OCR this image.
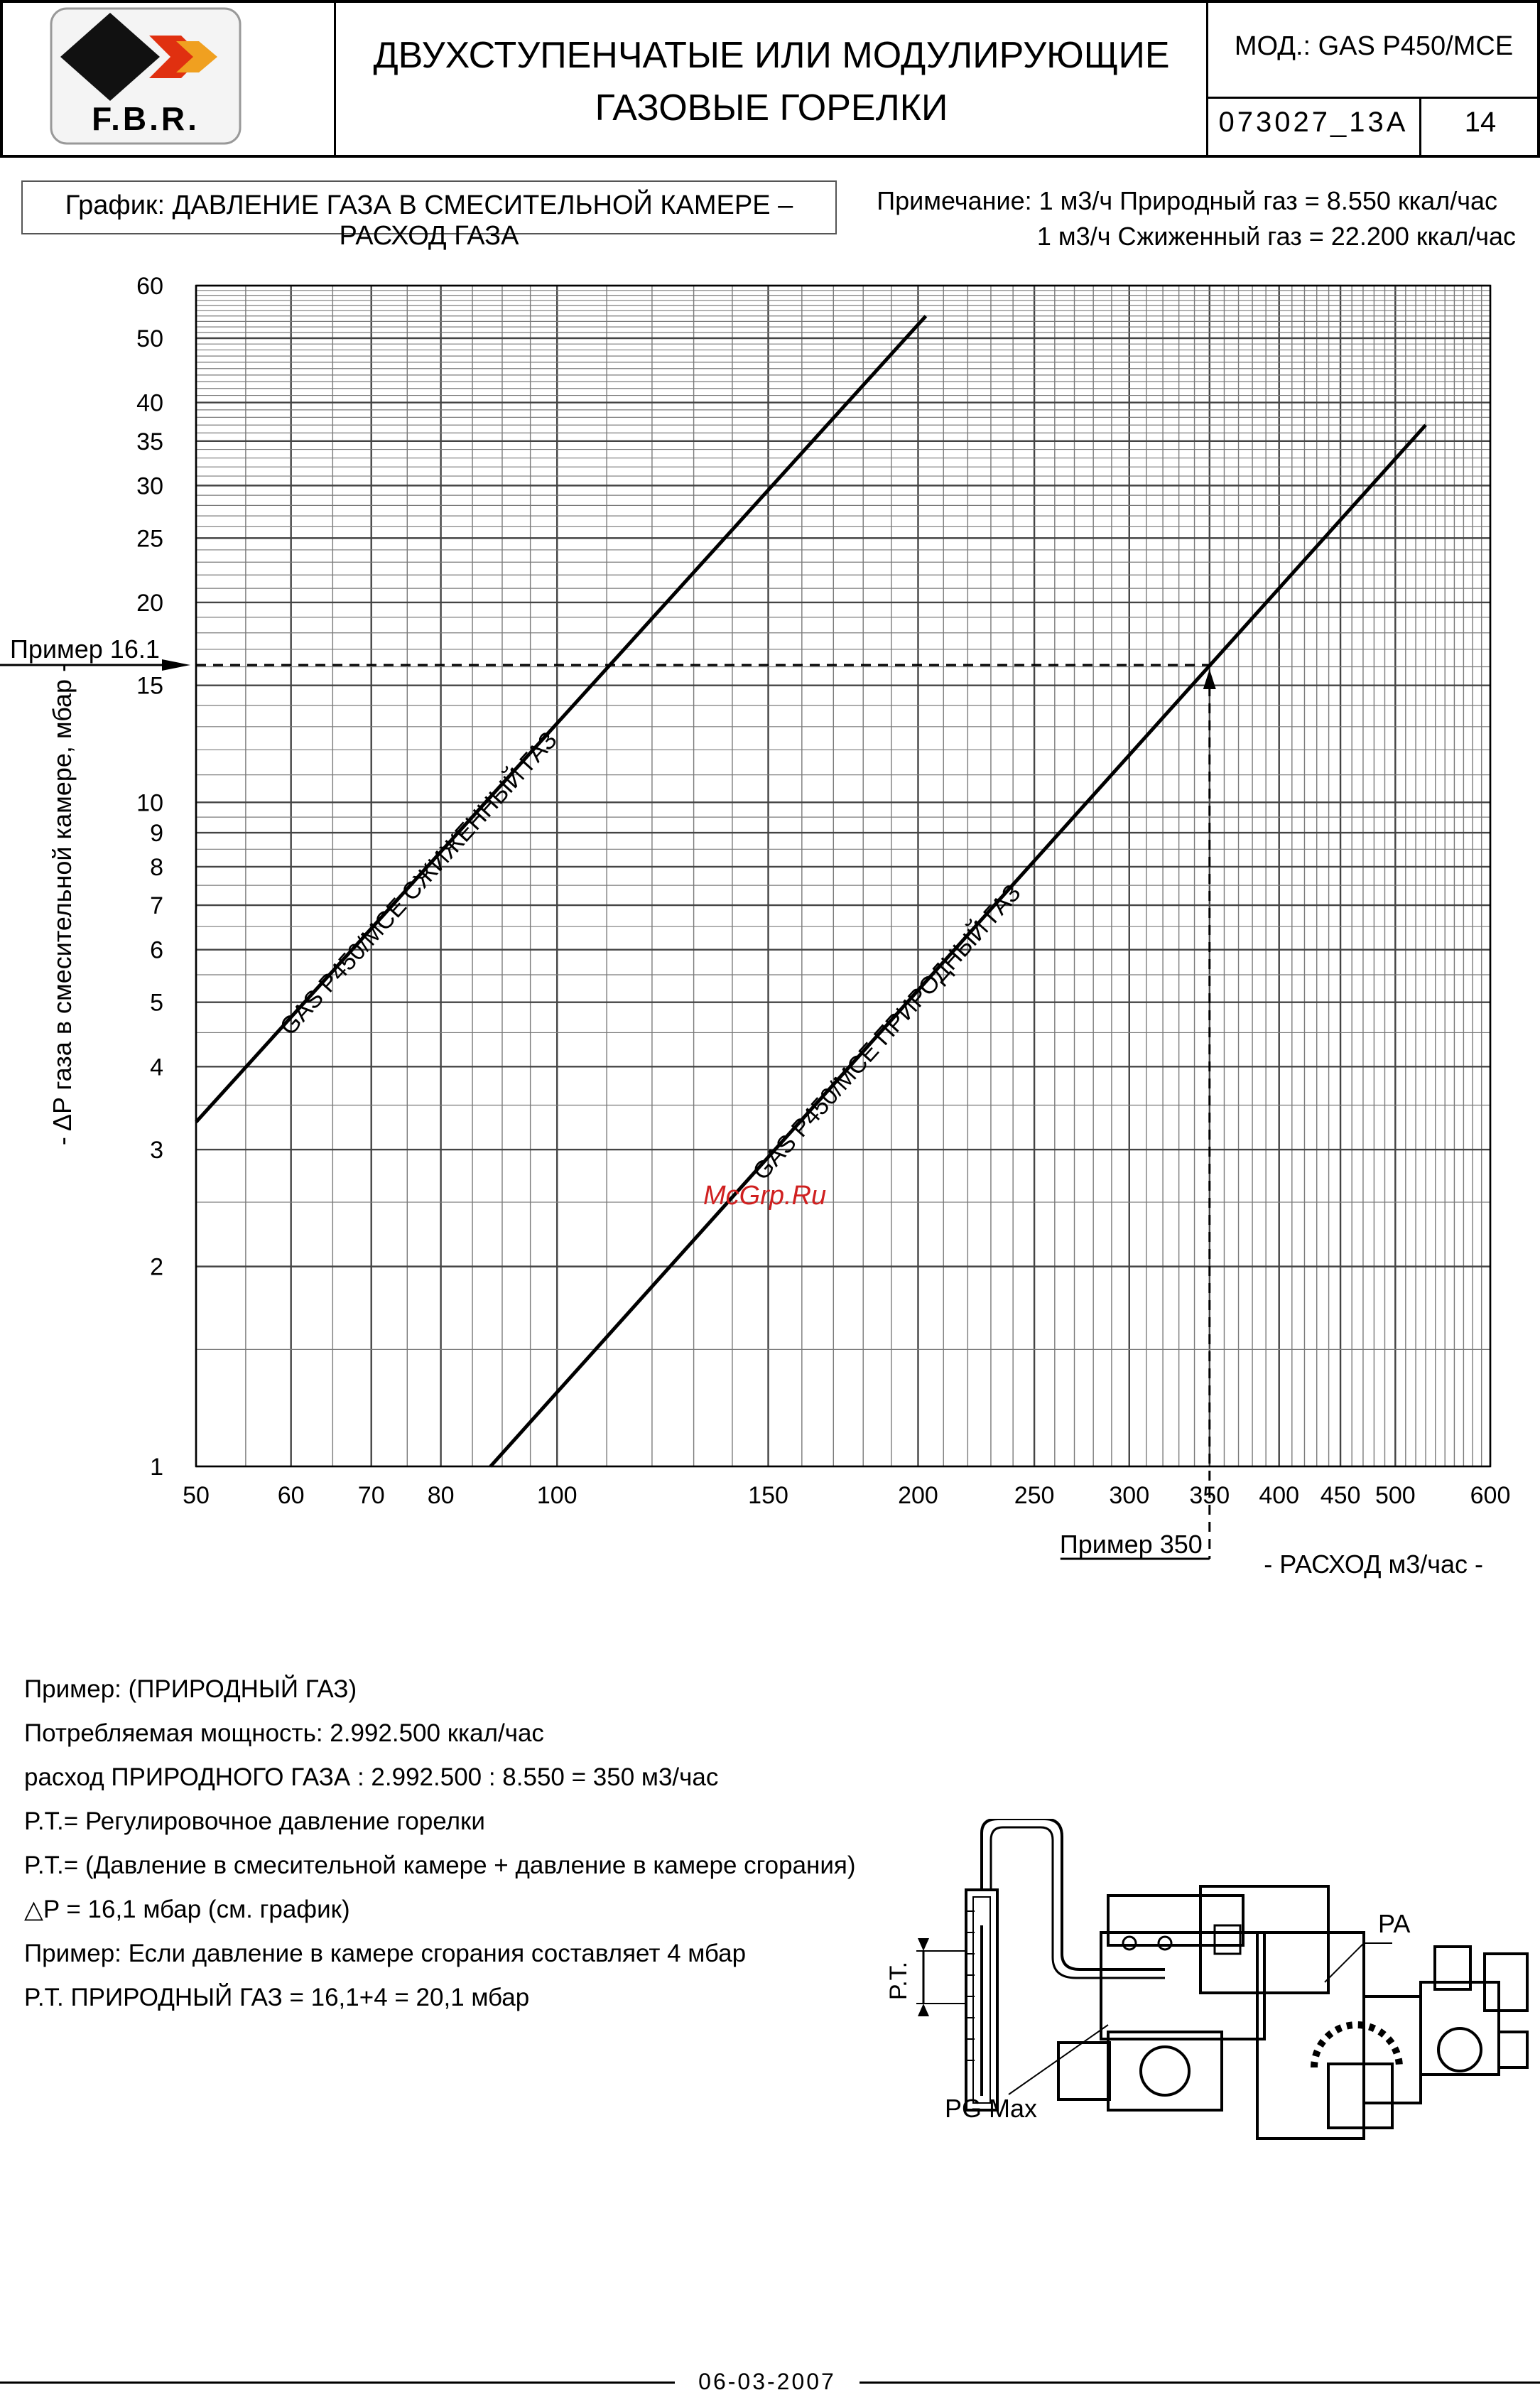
F.B.R.
ДВУХСТУПЕНЧАТЫЕ ИЛИ МОДУЛИРУЮЩИЕ
ГАЗОВЫЕ ГОРЕЛКИ
МОД.: GAS P450/MCE
073027_13A	14
График: ДАВЛЕНИЕ ГАЗА В СМЕСИТЕЛЬНОЙ КАМЕРЕ – РАСХОД ГАЗА
Примечание: 1 м3/ч Природный газ = 8.550 ккал/час
1 м3/ч Сжиженный газ = 22.200 ккал/час
GAS P450/MCE СЖИЖЕННЫЙ ГАЗ	GAS P450/MCE ПРИРОДНЫЙ ГАЗ
50	60 70 80	100	150	200	250 300 350 400 450 500 600
1
2
3
4
5
6
7
8
9
10
15
20
25
30
35
40
50
60
Пример 16.1
Пример 350
- ΔP газа в смесительной камере, мбар -
- РАСХОД м3/час -
Пример: (ПРИРОДНЫЙ ГАЗ)
Потребляемая мощность: 2.992.500 ккал/час
расход ПРИРОДНОГО ГАЗА : 2.992.500 : 8.550 = 350 м3/час
P.T.= Регулировочное давление горелки
P.T.= (Давление в смесительной камере + давление в камере сгорания)
△P = 16,1 мбар (см. график)
Пример: Если давление в камере сгорания составляет 4 мбар
P.T. ПРИРОДНЫЙ ГАЗ = 16,1+4 = 20,1 мбар	P.T.
PA
PG Max
McGrp.Ru
06-03-2007
